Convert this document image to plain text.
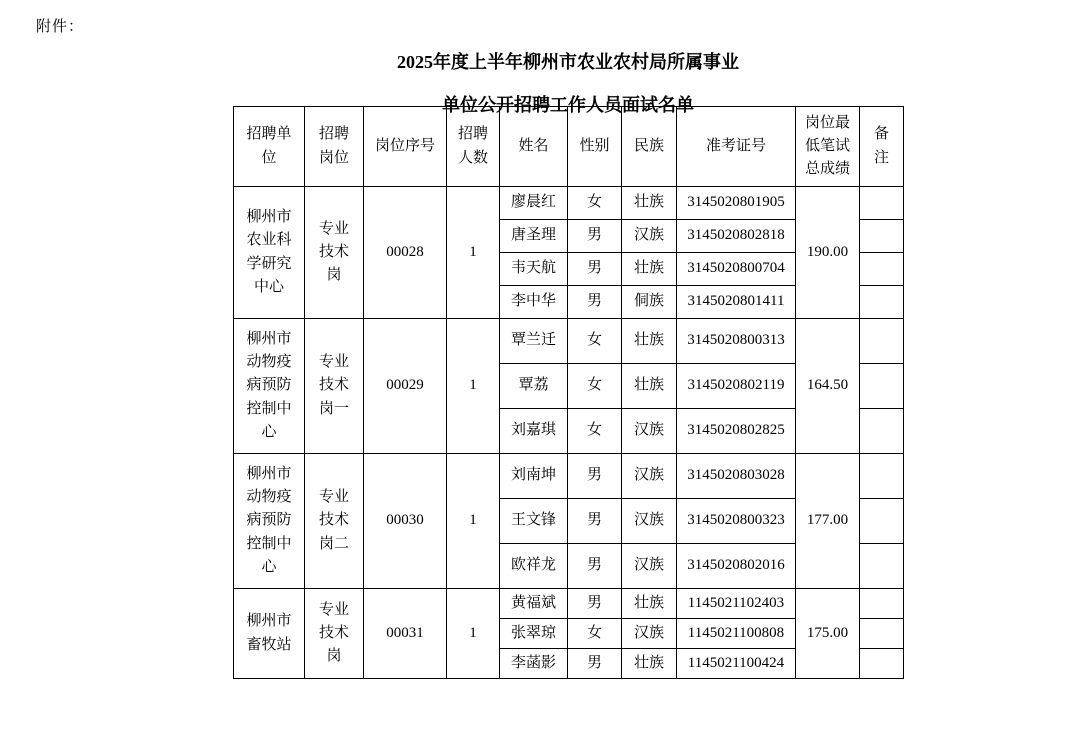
附件：
2025年度上半年柳州市农业农村局所属事业
单位公开招聘工作人员面试名单
招聘单位	招聘岗位	岗位序号	招聘人数	姓名	性别	民族	准考证号	岗位最低笔试总成绩	备注
柳州市农业科学研究中心	专业技术岗	00028	1	廖晨红	女	壮族	3145020801905	190.00	
				唐圣理	男	汉族	3145020802818		
				韦天航	男	壮族	3145020800704		
				李中华	男	侗族	3145020801411		
柳州市动物疫病预防控制中心	专业技术岗一	00029	1	覃兰迁	女	壮族	3145020800313	164.50	
				覃荔	女	壮族	3145020802119		
				刘嘉琪	女	汉族	3145020802825		
柳州市动物疫病预防控制中心	专业技术岗二	00030	1	刘南坤	男	汉族	3145020803028	177.00	
				王文锋	男	汉族	3145020800323		
				欧祥龙	男	汉族	3145020802016		
柳州市畜牧站	专业技术岗	00031	1	黄福斌	男	壮族	1145021102403	175.00	
				张翠琼	女	汉族	1145021100808		
				李菡影	男	壮族	1145021100424		
